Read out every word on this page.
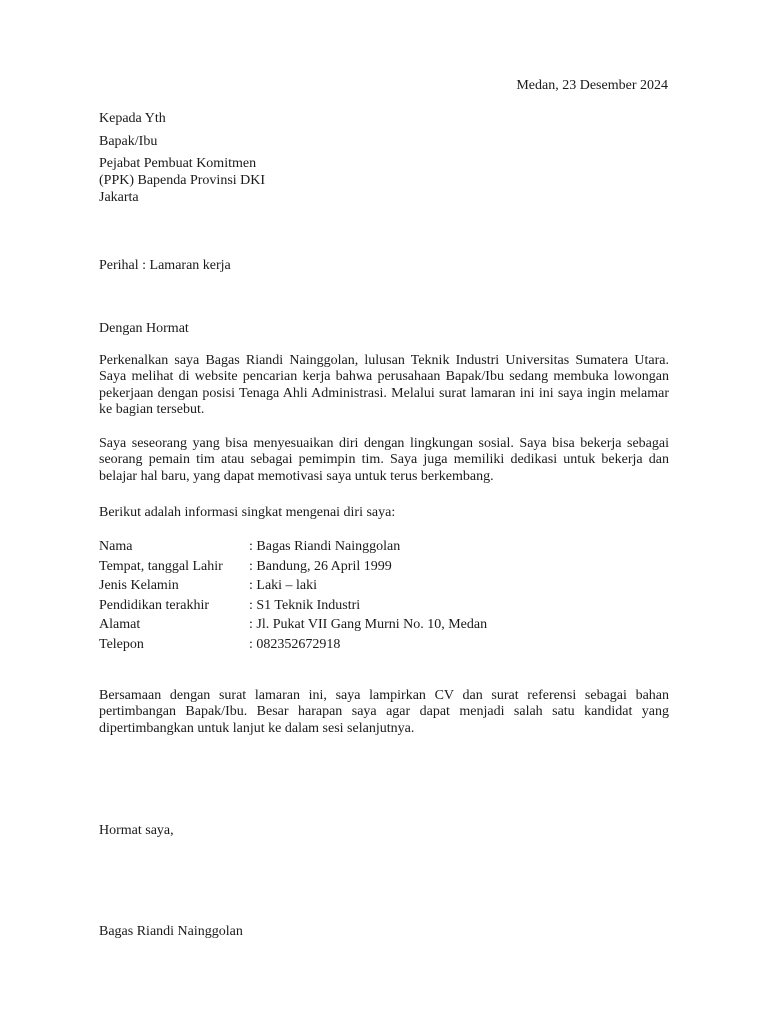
Medan, 23 Desember 2024
Kepada Yth
Bapak/Ibu
Pejabat Pembuat Komitmen
(PPK) Bapenda Provinsi DKI
Jakarta
Perihal : Lamaran kerja
Dengan Hormat
Perkenalkan saya Bagas Riandi Nainggolan, lulusan Teknik Industri Universitas Sumatera Utara. Saya melihat di website pencarian kerja bahwa perusahaan Bapak/Ibu sedang membuka lowongan pekerjaan dengan posisi Tenaga Ahli Administrasi. Melalui surat lamaran ini ini saya ingin melamar ke bagian tersebut.
Saya seseorang yang bisa menyesuaikan diri dengan lingkungan sosial. Saya bisa bekerja sebagai seorang pemain tim atau sebagai pemimpin tim. Saya juga memiliki dedikasi untuk bekerja dan belajar hal baru, yang dapat memotivasi saya untuk terus berkembang.
Berikut adalah informasi singkat mengenai diri saya:
Nama	: Bagas Riandi Nainggolan
Tempat, tanggal Lahir : Bandung, 26 April 1999
Jenis Kelamin	: Laki – laki
Pendidikan terakhir	: S1 Teknik Industri
Alamat	: Jl. Pukat VII Gang Murni No. 10, Medan
Telepon	: 082352672918
Bersamaan dengan surat lamaran ini, saya lampirkan CV dan surat referensi sebagai bahan pertimbangan Bapak/Ibu. Besar harapan saya agar dapat menjadi salah satu kandidat yang dipertimbangkan untuk lanjut ke dalam sesi selanjutnya.
Hormat saya,
Bagas Riandi Nainggolan
